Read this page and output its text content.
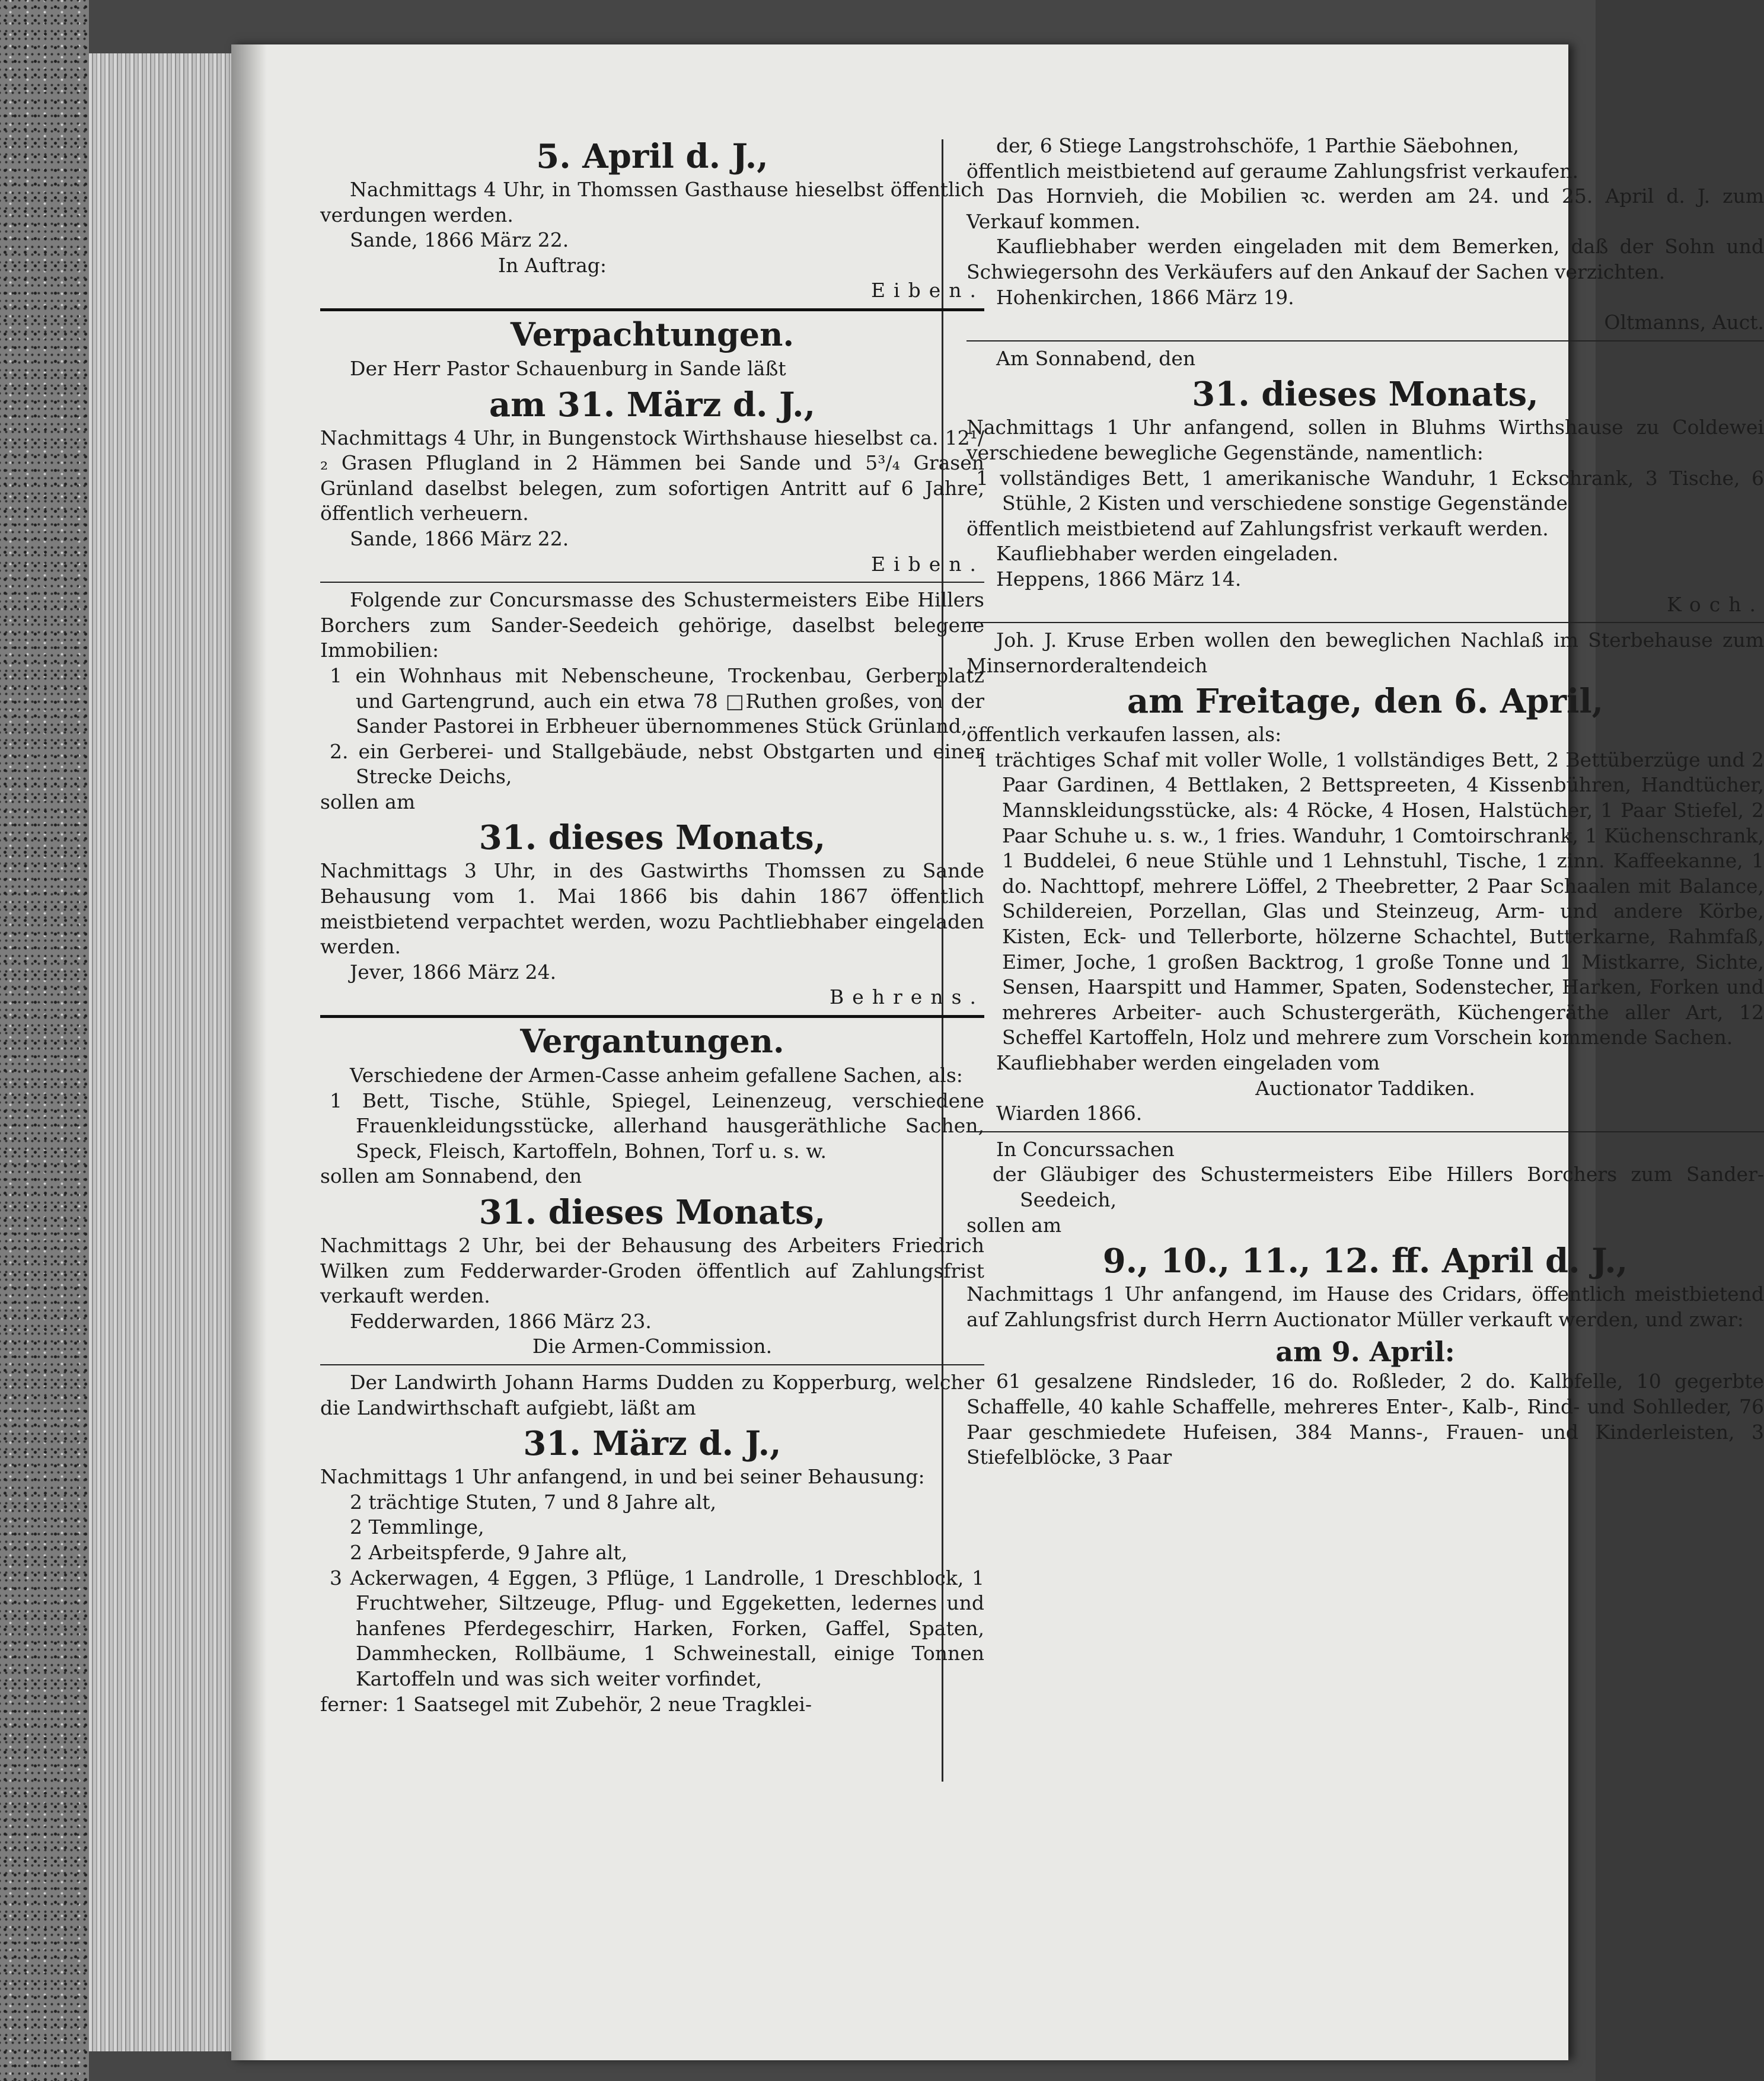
5. April d. J.,

Nachmittags 4 Uhr, in Thomssen Gasthause hieselbst öffentlich verdungen werden.

Sande, 1866 März 22.

In Auftrag:

Eiben.

Verpachtungen.

Der Herr Pastor Schauenburg in Sande läßt

am 31. März d. J.,

Nachmittags 4 Uhr, in Bungenstock Wirthshause hieselbst ca. 12¹/₂ Grasen Pflugland in 2 Hämmen bei Sande und 5³/₄ Grasen Grünland daselbst belegen, zum sofortigen Antritt auf 6 Jahre, öffentlich verheuern.

Sande, 1866 März 22.

Eiben.

Folgende zur Concursmasse des Schustermeisters Eibe Hillers Borchers zum Sander-Seedeich gehörige, daselbst belegene Immobilien:

1 ein Wohnhaus mit Nebenscheune, Trockenbau, Gerberplatz und Gartengrund, auch ein etwa 78 □Ruthen großes, von der Sander Pastorei in Erbheuer übernommenes Stück Grünland,

2. ein Gerberei- und Stallgebäude, nebst Obstgarten und einer Strecke Deichs,

sollen am

31. dieses Monats,

Nachmittags 3 Uhr, in des Gastwirths Thomssen zu Sande Behausung vom 1. Mai 1866 bis dahin 1867 öffentlich meistbietend verpachtet werden, wozu Pachtliebhaber eingeladen werden.

Jever, 1866 März 24.

Behrens.

Vergantungen.

Verschiedene der Armen-Casse anheim gefallene Sachen, als:

1 Bett, Tische, Stühle, Spiegel, Leinenzeug, verschiedene Frauenkleidungsstücke, allerhand hausgeräthliche Sachen, Speck, Fleisch, Kartoffeln, Bohnen, Torf u. s. w.

sollen am Sonnabend, den

31. dieses Monats,

Nachmittags 2 Uhr, bei der Behausung des Arbeiters Friedrich Wilken zum Fedderwarder-Groden öffentlich auf Zahlungsfrist verkauft werden.

Fedderwarden, 1866 März 23.

Die Armen-Commission.

Der Landwirth Johann Harms Dudden zu Kopperburg, welcher die Landwirthschaft aufgiebt, läßt am

31. März d. J.,

Nachmittags 1 Uhr anfangend, in und bei seiner Behausung:

2 trächtige Stuten, 7 und 8 Jahre alt,

2 Temmlinge,

2 Arbeitspferde, 9 Jahre alt,

3 Ackerwagen, 4 Eggen, 3 Pflüge, 1 Landrolle, 1 Dreschblock, 1 Fruchtweher, Siltzeuge, Pflug- und Eggeketten, ledernes und hanfenes Pferdegeschirr, Harken, Forken, Gaffel, Spaten, Dammhecken, Rollbäume, 1 Schweinestall, einige Tonnen Kartoffeln und was sich weiter vorfindet,

ferner: 1 Saatsegel mit Zubehör, 2 neue Tragklei-

der, 6 Stiege Langstrohschöfe, 1 Parthie Säebohnen,

öffentlich meistbietend auf geraume Zahlungsfrist verkaufen.

Das Hornvieh, die Mobilien ꝛc. werden am 24. und 25. April d. J. zum Verkauf kommen.

Kaufliebhaber werden eingeladen mit dem Bemerken, daß der Sohn und Schwiegersohn des Verkäufers auf den Ankauf der Sachen verzichten.

Hohenkirchen, 1866 März 19.

Oltmanns, Auct.

Am Sonnabend, den

31. dieses Monats,

Nachmittags 1 Uhr anfangend, sollen in Bluhms Wirthshause zu Coldewei verschiedene bewegliche Gegenstände, namentlich:

1 vollständiges Bett, 1 amerikanische Wanduhr, 1 Eckschrank, 3 Tische, 6 Stühle, 2 Kisten und verschiedene sonstige Gegenstände

öffentlich meistbietend auf Zahlungsfrist verkauft werden.

Kaufliebhaber werden eingeladen.

Heppens, 1866 März 14.

Koch.

Joh. J. Kruse Erben wollen den beweglichen Nachlaß im Sterbehause zum Minsernorderaltendeich

am Freitage, den 6. April,

öffentlich verkaufen lassen, als:

1 trächtiges Schaf mit voller Wolle, 1 vollständiges Bett, 2 Bettüberzüge und 2 Paar Gardinen, 4 Bettlaken, 2 Bettspreeten, 4 Kissenbühren, Handtücher, Mannskleidungsstücke, als: 4 Röcke, 4 Hosen, Halstücher, 1 Paar Stiefel, 2 Paar Schuhe u. s. w., 1 fries. Wanduhr, 1 Comtoirschrank, 1 Küchenschrank, 1 Buddelei, 6 neue Stühle und 1 Lehnstuhl, Tische, 1 zinn. Kaffeekanne, 1 do. Nachttopf, mehrere Löffel, 2 Theebretter, 2 Paar Schaalen mit Balance, Schildereien, Porzellan, Glas und Steinzeug, Arm- und andere Körbe, Kisten, Eck- und Tellerborte, hölzerne Schachtel, Butterkarne, Rahmfaß, Eimer, Joche, 1 großen Backtrog, 1 große Tonne und 1 Mistkarre, Sichte, Sensen, Haarspitt und Hammer, Spaten, Sodenstecher, Harken, Forken und mehreres Arbeiter- auch Schustergeräth, Küchengeräthe aller Art, 12 Scheffel Kartoffeln, Holz und mehrere zum Vorschein kommende Sachen.

Kaufliebhaber werden eingeladen vom

Auctionator Taddiken.

Wiarden 1866.

In Concurssachen

der Gläubiger des Schustermeisters Eibe Hillers Borchers zum Sander-Seedeich,

sollen am

9., 10., 11., 12. ff. April d. J.,

Nachmittags 1 Uhr anfangend, im Hause des Cridars, öffentlich meistbietend auf Zahlungsfrist durch Herrn Auctionator Müller verkauft werden, und zwar:

am 9. April:

61 gesalzene Rindsleder, 16 do. Roßleder, 2 do. Kalbfelle, 10 gegerbte Schaffelle, 40 kahle Schaffelle, mehreres Enter-, Kalb-, Rind- und Sohlleder, 76 Paar geschmiedete Hufeisen, 384 Manns-, Frauen- und Kinderleisten, 3 Stiefelblöcke, 3 Paar
